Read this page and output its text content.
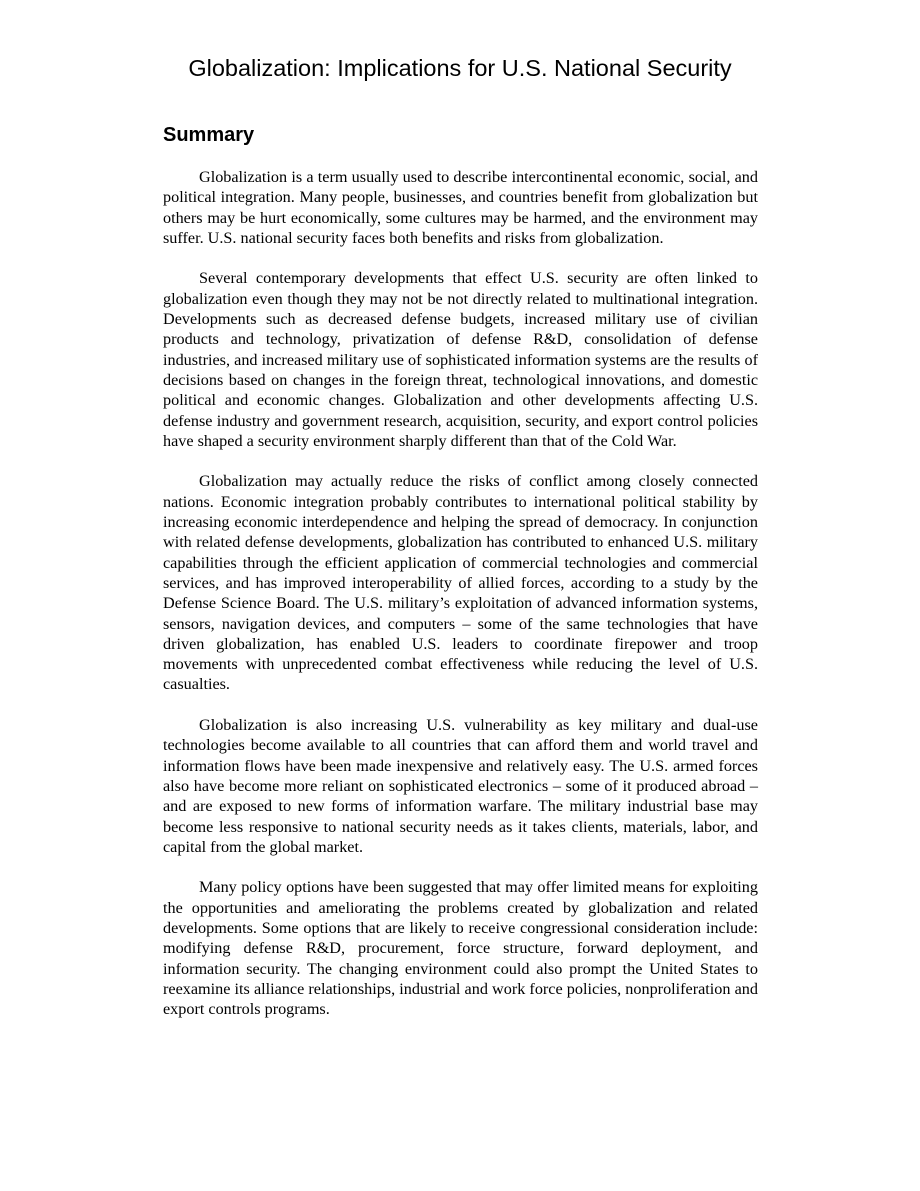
Globalization: Implications for U.S. National Security
Summary

Globalization is a term usually used to describe intercontinental economic, social, and political integration. Many people, businesses, and countries benefit from globalization but others may be hurt economically, some cultures may be harmed, and the environment may suffer. U.S. national security faces both benefits and risks from globalization.

Several contemporary developments that effect U.S. security are often linked to globalization even though they may not be not directly related to multinational integration. Developments such as decreased defense budgets, increased military use of civilian products and technology, privatization of defense R&D, consolidation of defense industries, and increased military use of sophisticated information systems are the results of decisions based on changes in the foreign threat, technological innovations, and domestic political and economic changes. Globalization and other developments affecting U.S. defense industry and government research, acquisition, security, and export control policies have shaped a security environment sharply different than that of the Cold War.

Globalization may actually reduce the risks of conflict among closely connected nations. Economic integration probably contributes to international political stability by increasing economic interdependence and helping the spread of democracy. In conjunction with related defense developments, globalization has contributed to enhanced U.S. military capabilities through the efficient application of commercial technologies and commercial services, and has improved interoperability of allied forces, according to a study by the Defense Science Board. The U.S. military’s exploitation of advanced information systems, sensors, navigation devices, and computers – some of the same technologies that have driven globalization, has enabled U.S. leaders to coordinate firepower and troop movements with unprecedented combat effectiveness while reducing the level of U.S. casualties.

Globalization is also increasing U.S. vulnerability as key military and dual-use technologies become available to all countries that can afford them and world travel and information flows have been made inexpensive and relatively easy. The U.S. armed forces also have become more reliant on sophisticated electronics – some of it produced abroad – and are exposed to new forms of information warfare. The military industrial base may become less responsive to national security needs as it takes clients, materials, labor, and capital from the global market.

Many policy options have been suggested that may offer limited means for exploiting the opportunities and ameliorating the problems created by globalization and related developments. Some options that are likely to receive congressional consideration include: modifying defense R&D, procurement, force structure, forward deployment, and information security. The changing environment could also prompt the United States to reexamine its alliance relationships, industrial and work force policies, nonproliferation and export controls programs.
